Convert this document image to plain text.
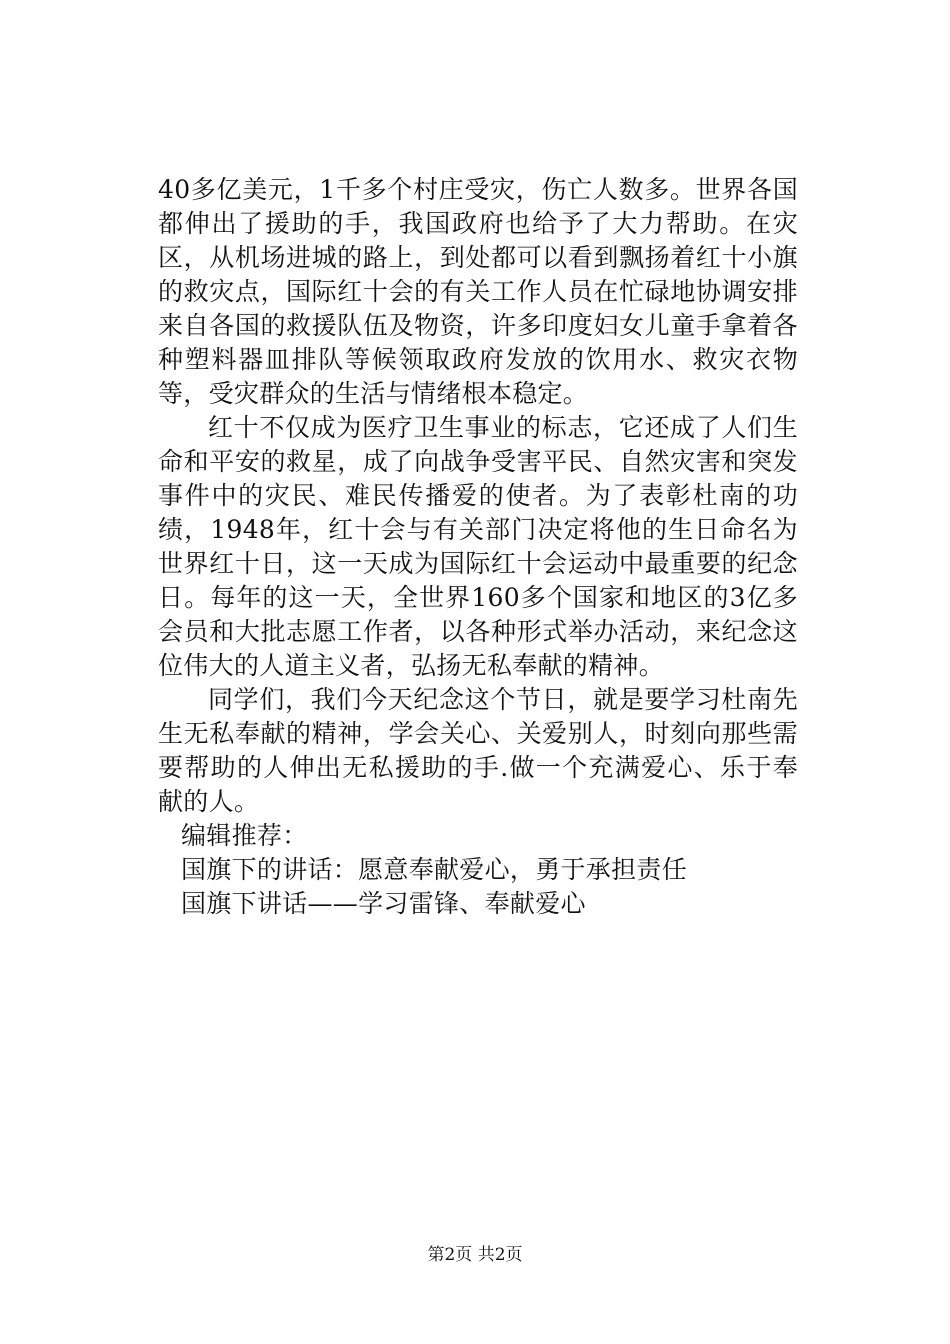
40多亿美元，1千多个村庄受灾，伤亡人数多。世界各国都伸出了援助的手，我国政府也给予了大力帮助。在灾区，从机场进城的路上，到处都可以看到飘扬着红十小旗的救灾点，国际红十会的有关工作人员在忙碌地协调安排来自各国的救援队伍及物资，许多印度妇女儿童手拿着各种塑料器皿排队等候领取政府发放的饮用水、救灾衣物等，受灾群众的生活与情绪根本稳定。

红十不仅成为医疗卫生事业的标志，它还成了人们生命和平安的救星，成了向战争受害平民、自然灾害和突发事件中的灾民、难民传播爱的使者。为了表彰杜南的功绩，1948年，红十会与有关部门决定将他的生日命名为世界红十日，这一天成为国际红十会运动中最重要的纪念日。每年的这一天，全世界160多个国家和地区的3亿多会员和大批志愿工作者，以各种形式举办活动，来纪念这位伟大的人道主义者，弘扬无私奉献的精神。

同学们，我们今天纪念这个节日，就是要学习杜南先生无私奉献的精神，学会关心、关爱别人，时刻向那些需要帮助的人伸出无私援助的手.做一个充满爱心、乐于奉献的人。

编辑推荐：

国旗下的讲话：愿意奉献爱心，勇于承担责任

国旗下讲话——学习雷锋、奉献爱心

第2页 共2页
